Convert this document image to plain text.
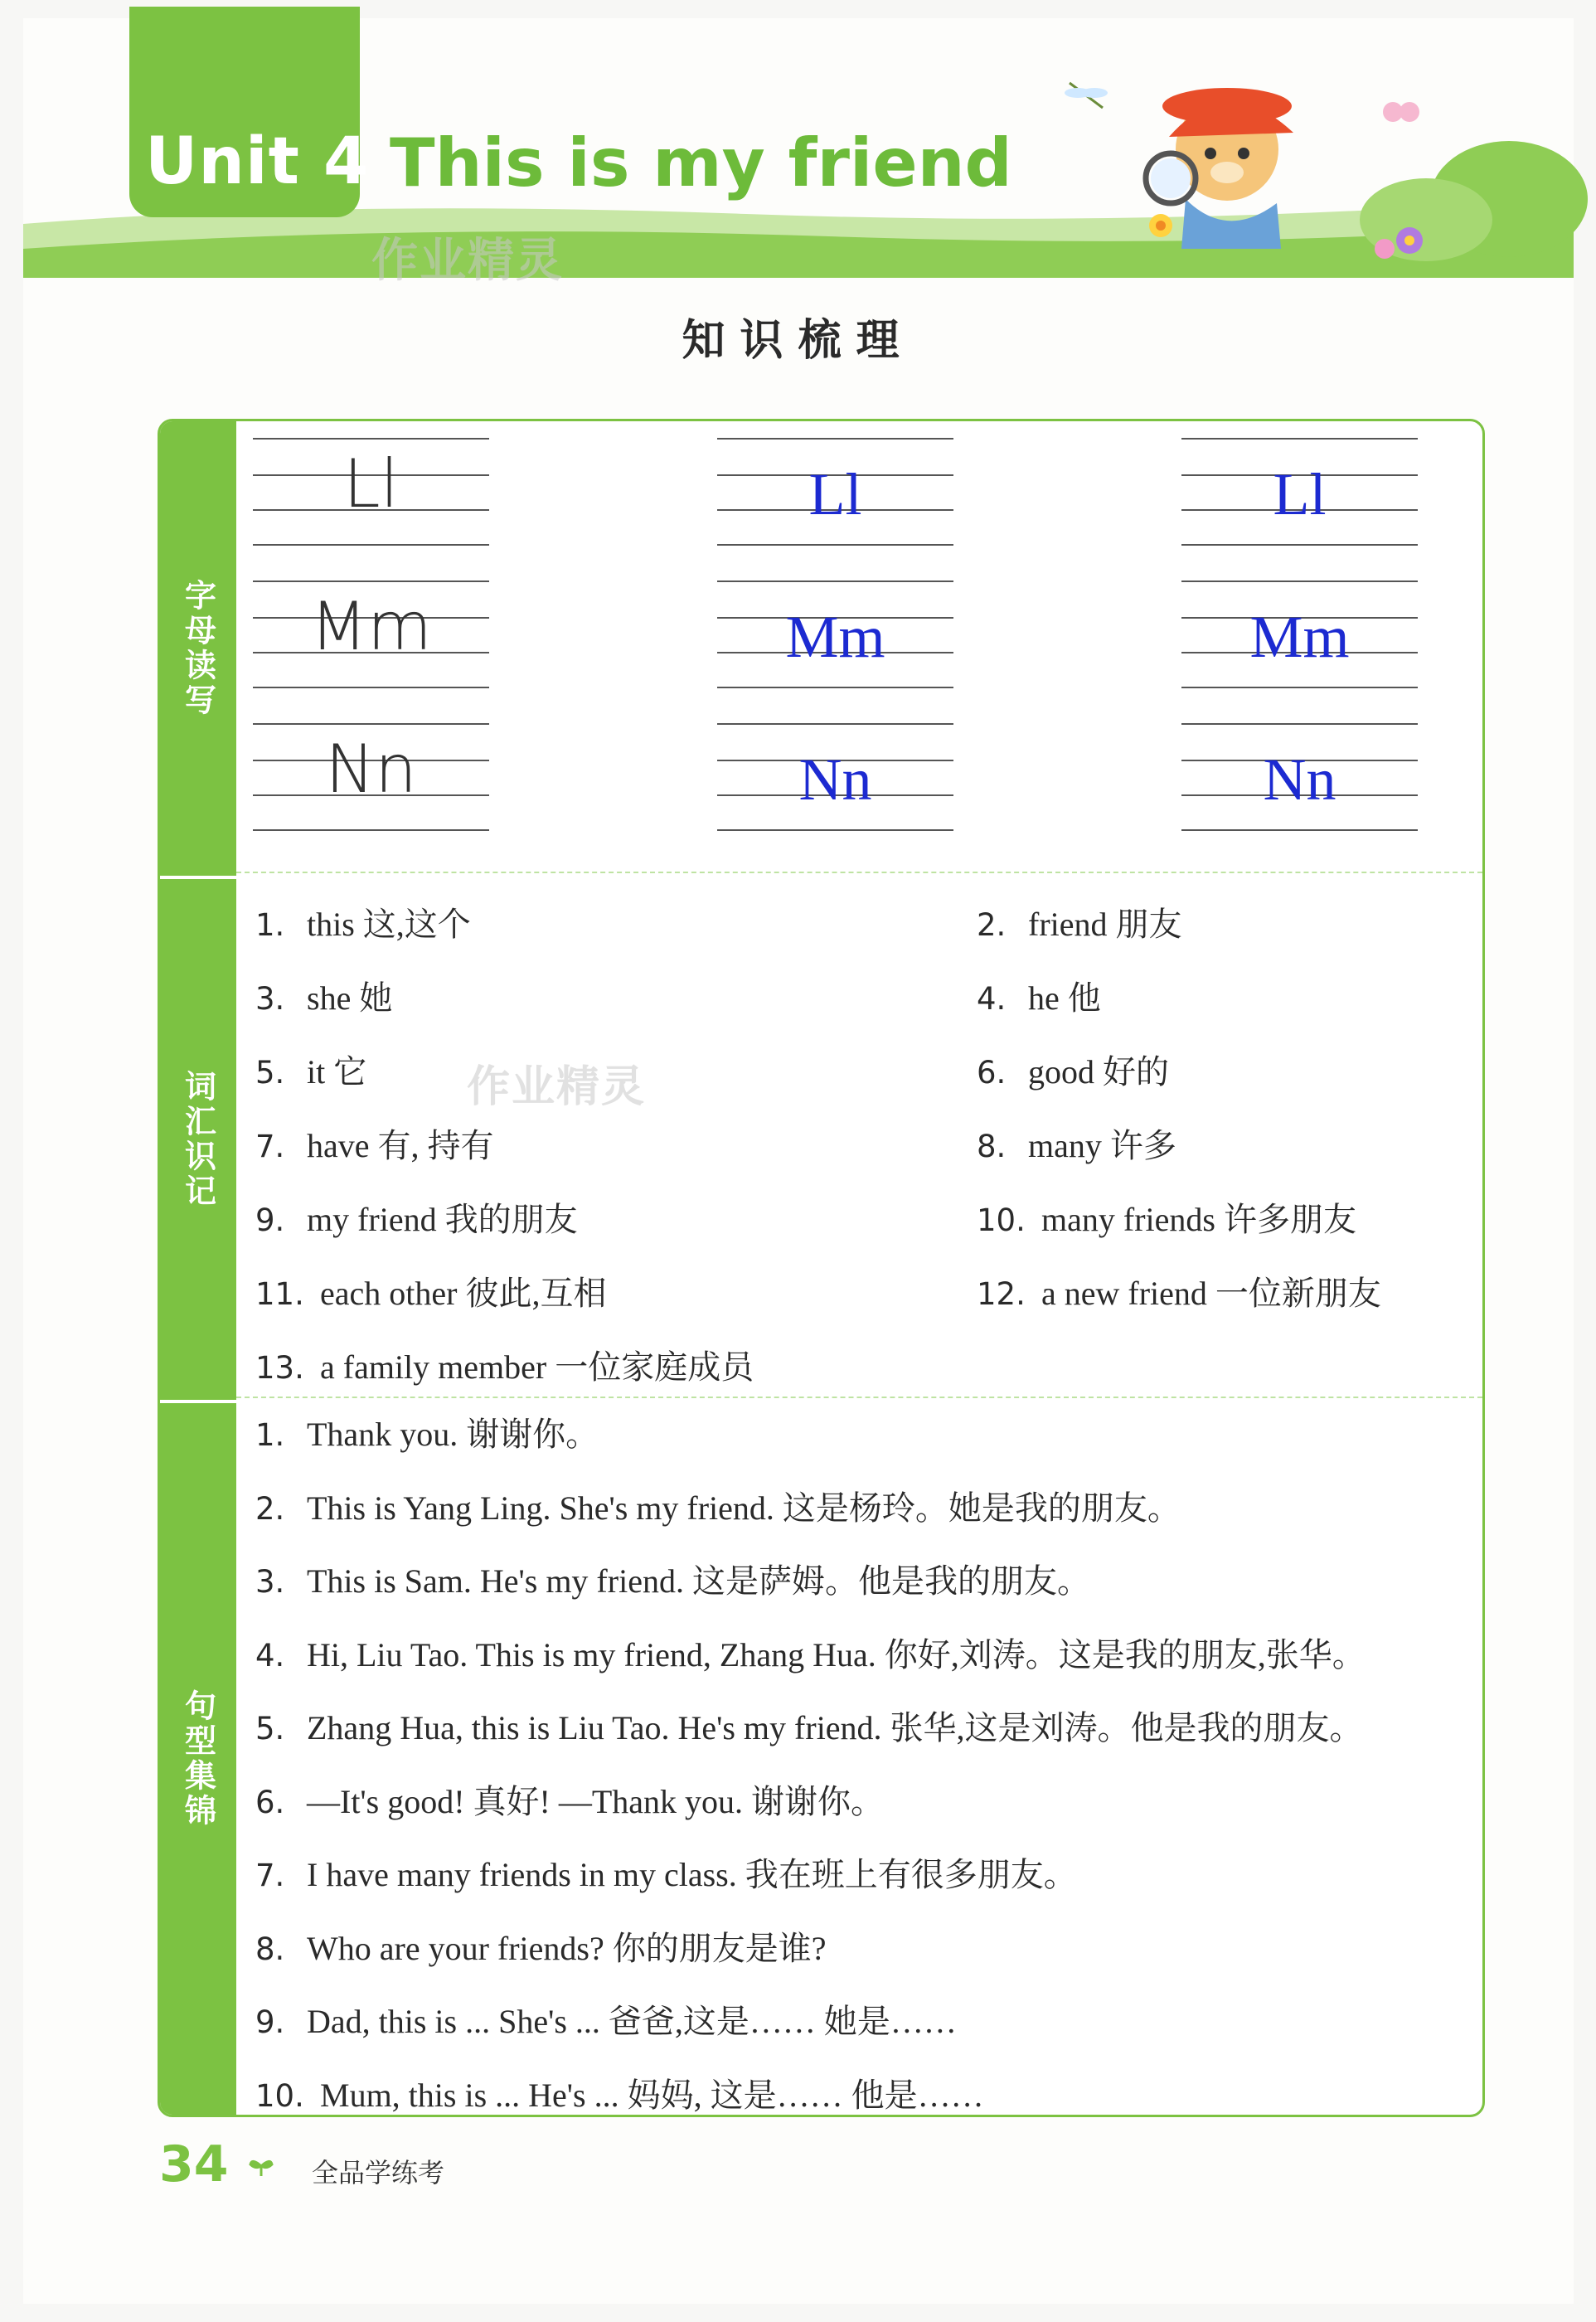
Unit 4 This is my friend
作业精灵
知识梳理
字母读写
词汇识记
句型集锦
Ll	Ll	Ll
Mm	Mm	Mm
Nn	Nn	Nn
1. this 这,这个	2. friend 朋友
3. she 她	4. he 他
5. it 它	6. good 好的
7. have 有, 持有	8. many 许多
9. my friend 我的朋友	10. many friends 许多朋友
11. each other 彼此,互相	12. a new friend 一位新朋友
13. a family member 一位家庭成员
1. Thank you. 谢谢你。
2. This is Yang Ling. She's my friend. 这是杨玲。她是我的朋友。
3. This is Sam. He's my friend. 这是萨姆。他是我的朋友。
4. Hi, Liu Tao. This is my friend, Zhang Hua. 你好,刘涛。这是我的朋友,张华。
5. Zhang Hua, this is Liu Tao. He's my friend. 张华,这是刘涛。他是我的朋友。
6. —It's good! 真好! —Thank you. 谢谢你。
7. I have many friends in my class. 我在班上有很多朋友。
8. Who are your friends? 你的朋友是谁?
9. Dad, this is ... She's ... 爸爸,这是…… 她是……
10. Mum, this is ... He's ... 妈妈, 这是…… 他是……
作业精灵
34	全品学练考
